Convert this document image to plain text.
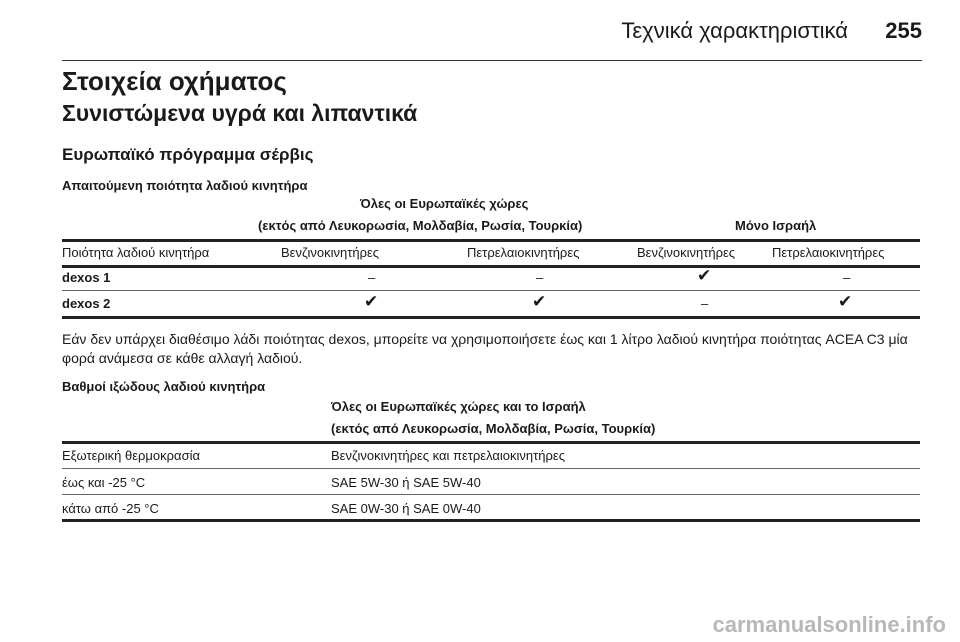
Τεχνικά χαρακτηριστικά 255
Στοιχεία οχήματος
Συνιστώμενα υγρά και λιπαντικά
Ευρωπαϊκό πρόγραμμα σέρβις
Απαιτούμενη ποιότητα λαδιού κινητήρα
Όλες οι Ευρωπαϊκές χώρες
(εκτός από Λευκορωσία, Μολδαβία, Ρωσία, Τουρκία)	Μόνο Ισραήλ
Ποιότητα λαδιού κινητήρα	Βενζινοκινητήρες	Πετρελαιοκινητήρες	Βενζινοκινητήρες	Πετρελαιοκινητήρες
dexos 1	–	–	✔	–
dexos 2	✔	✔	–	✔
Εάν δεν υπάρχει διαθέσιμο λάδι ποιότητας dexos, μπορείτε να χρησιμοποιήσετε έως και 1 λίτρο λαδιού κινητήρα ποιότητας ACEA C3 μία φορά ανάμεσα σε κάθε αλλαγή λαδιού.
Βαθμοί ιξώδους λαδιού κινητήρα
Όλες οι Ευρωπαϊκές χώρες και το Ισραήλ
(εκτός από Λευκορωσία, Μολδαβία, Ρωσία, Τουρκία)
Εξωτερική θερμοκρασία	Βενζινοκινητήρες και πετρελαιοκινητήρες
έως και -25 °C	SAE 5W-30 ή SAE 5W-40
κάτω από -25 °C	SAE 0W-30 ή SAE 0W-40
carmanualsonline.info
